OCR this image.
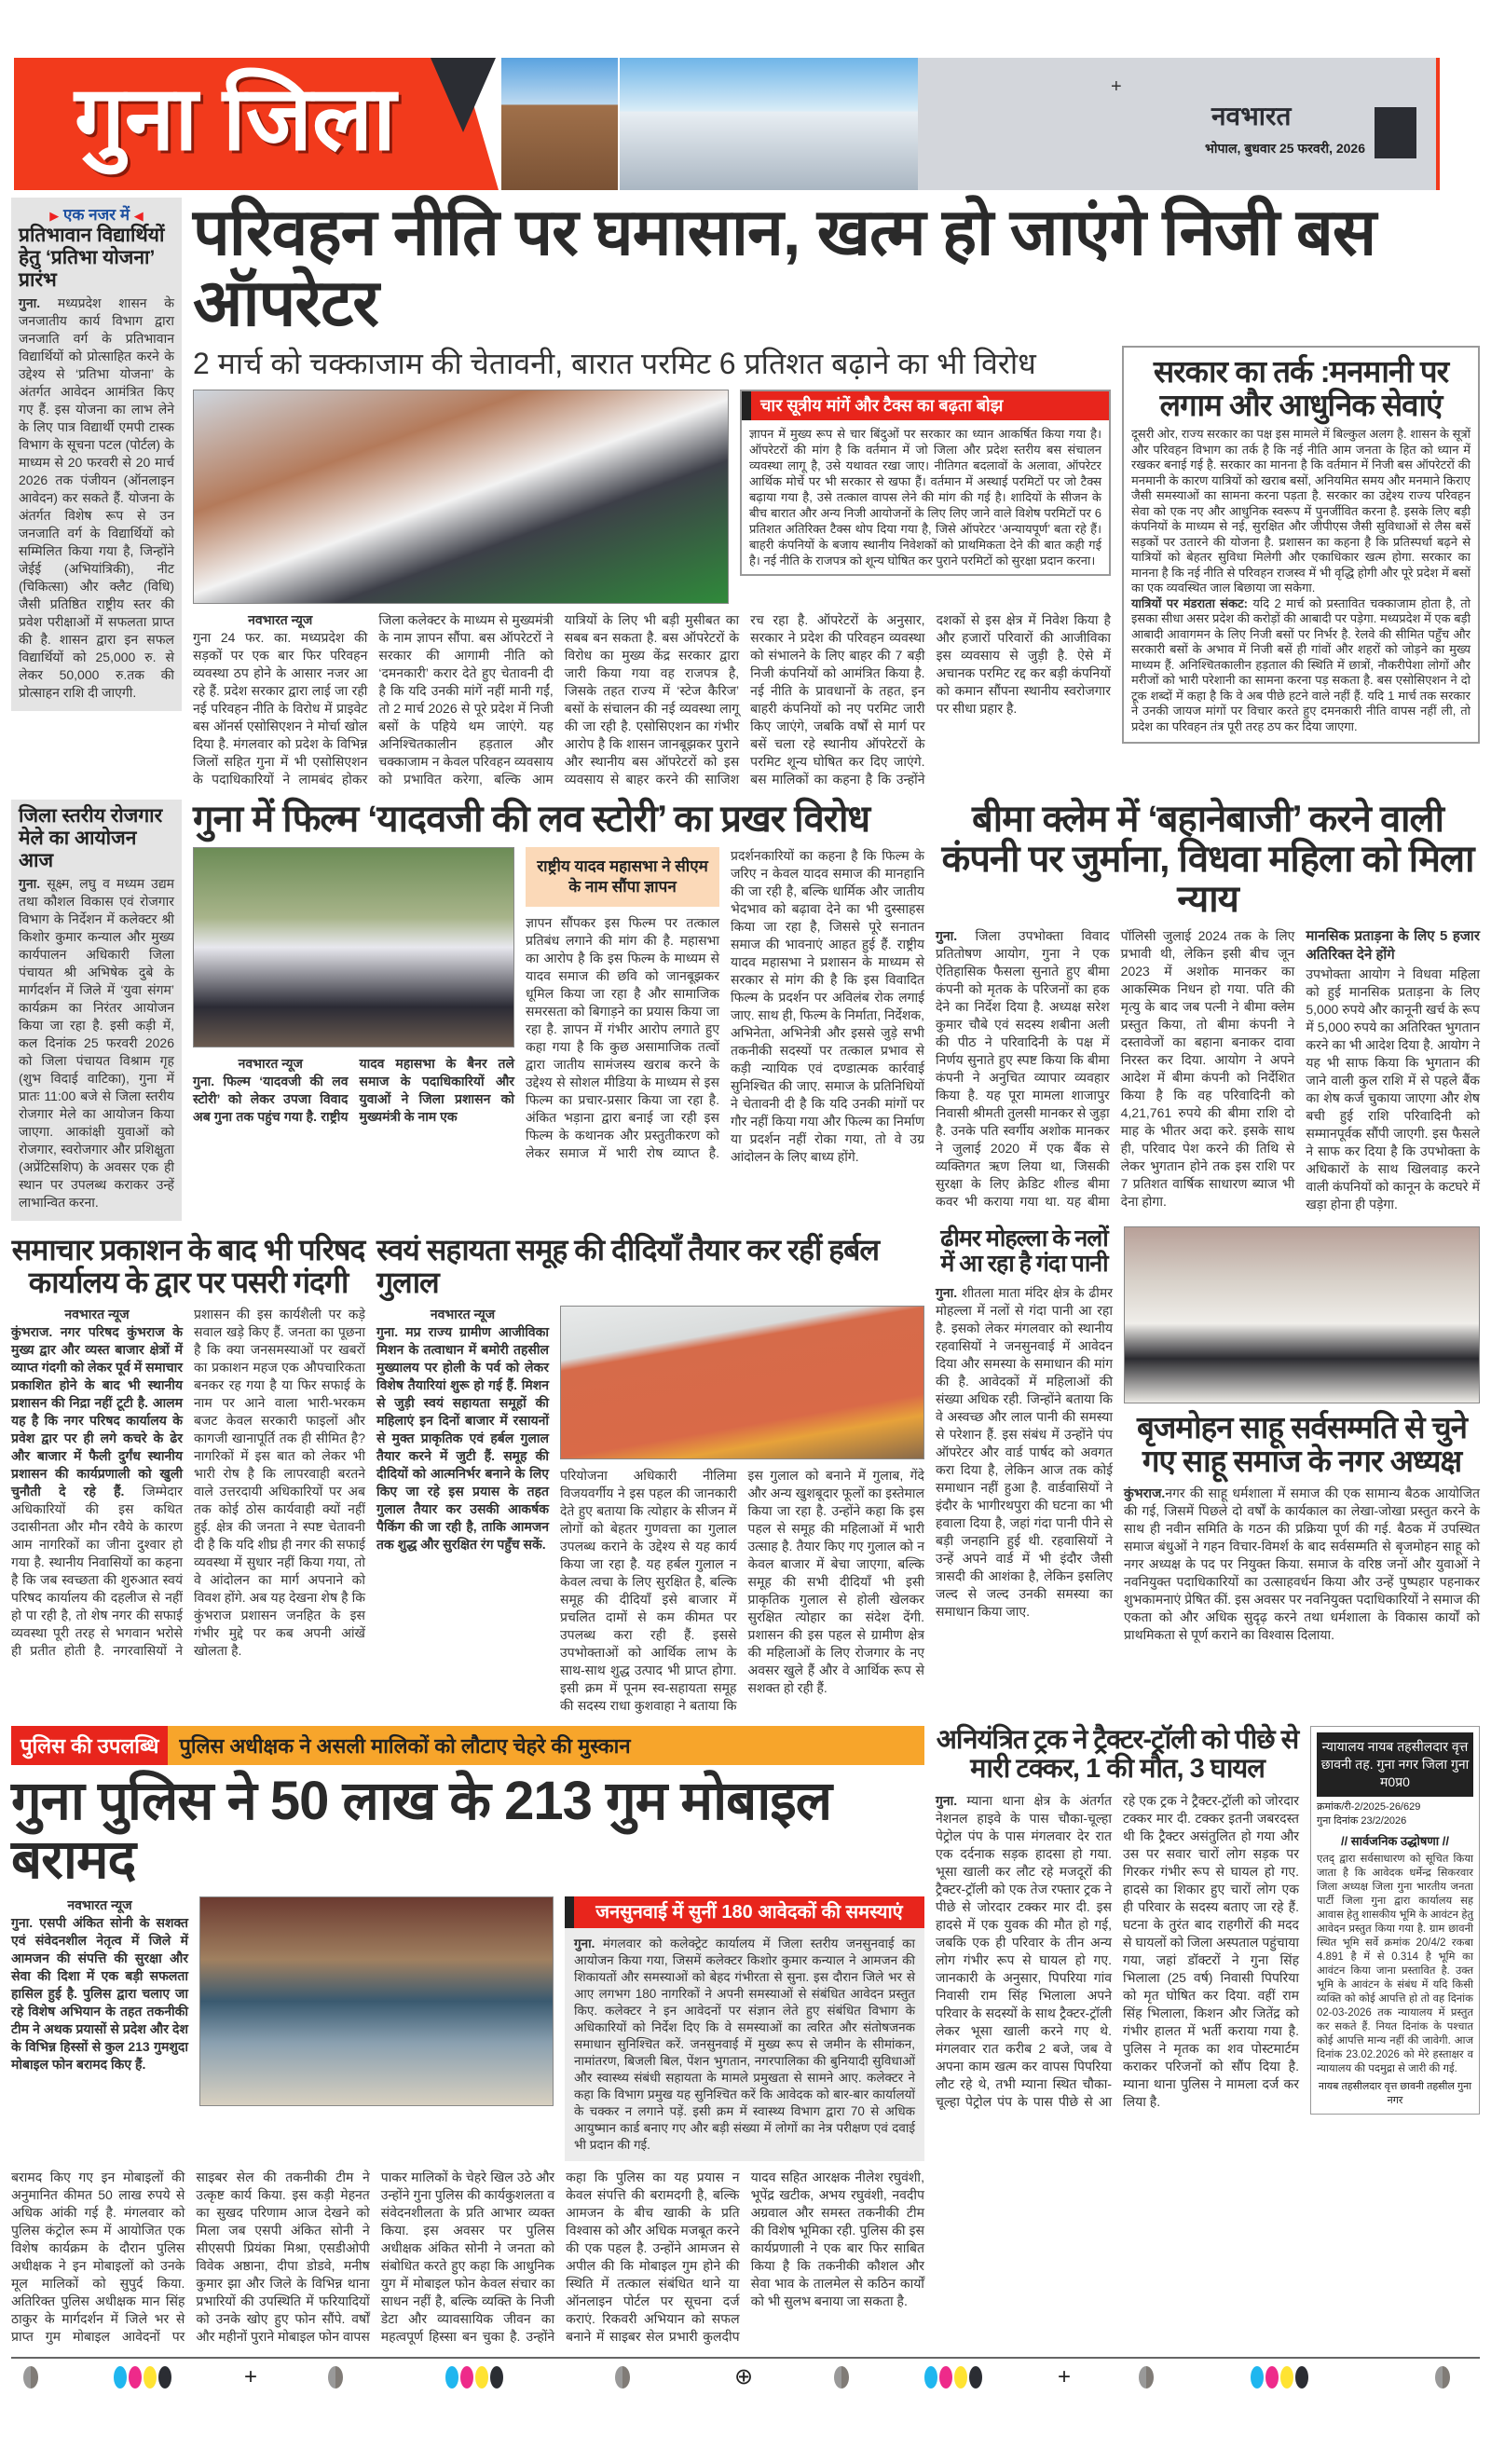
गुना जिला	+
नवभारत
भोपाल, बुधवार 25 फरवरी, 2026
▶ एक नजर में ◀
प्रतिभावान विद्यार्थियों हेतु ‘प्रतिभा योजना’ प्रारंभ
गुना. मध्यप्रदेश शासन के जनजातीय कार्य विभाग द्वारा जनजाति वर्ग के प्रतिभावान विद्यार्थियों को प्रोत्साहित करने के उद्देश्य से ‘प्रतिभा योजना’ के अंतर्गत आवेदन आमंत्रित किए गए हैं. इस योजना का लाभ लेने के लिए पात्र विद्यार्थी एमपी टास्क विभाग के सूचना पटल (पोर्टल) के माध्यम से 20 फरवरी से 20 मार्च 2026 तक पंजीयन (ऑनलाइन आवेदन) कर सकते हैं. योजना के अंतर्गत विशेष रूप से उन जनजाति वर्ग के विद्यार्थियों को सम्मिलित किया गया है, जिन्होंने जेईई (अभियांत्रिकी), नीट (चिकित्सा) और क्लैट (विधि) जैसी प्रतिष्ठित राष्ट्रीय स्तर की प्रवेश परीक्षाओं में सफलता प्राप्त की है. शासन द्वारा इन सफल विद्यार्थियों को 25,000 रु. से लेकर 50,000 रु.तक की प्रोत्साहन राशि दी जाएगी.
परिवहन नीति पर घमासान, खत्म हो जाएंगे निजी बस ऑपरेटर
2 मार्च को चक्काजाम की चेतावनी, बारात परमिट 6 प्रतिशत बढ़ाने का भी विरोध
चार सूत्रीय मांगें और टैक्स का बढ़ता बोझ
ज्ञापन में मुख्य रूप से चार बिंदुओं पर सरकार का ध्यान आकर्षित किया गया है। ऑपरेटरों की मांग है कि वर्तमान में जो जिला और प्रदेश स्तरीय बस संचालन व्यवस्था लागू है, उसे यथावत रखा जाए। नीतिगत बदलावों के अलावा, ऑपरेटर आर्थिक मोर्चे पर भी सरकार से खफा हैं। वर्तमान में अस्थाई परमिटों पर जो टैक्स बढ़ाया गया है, उसे तत्काल वापस लेने की मांग की गई है। शादियों के सीजन के बीच बारात और अन्य निजी आयोजनों के लिए लिए जाने वाले विशेष परमिटों पर 6 प्रतिशत अतिरिक्त टैक्स थोप दिया गया है, जिसे ऑपरेटर ‘अन्यायपूर्ण’ बता रहे हैं। बाहरी कंपनियों के बजाय स्थानीय निवेशकों को प्राथमिकता देने की बात कही गई है। नई नीति के राजपत्र को शून्य घोषित कर पुराने परमिटों को सुरक्षा प्रदान करना।
नवभारत न्यूज
गुना 24 फर. का. मध्यप्रदेश की सड़कों पर एक बार फिर परिवहन व्यवस्था ठप होने के आसार नजर आ रहे हैं. प्रदेश सरकार द्वारा लाई जा रही नई परिवहन नीति के विरोध में प्राइवेट बस ऑनर्स एसोसिएशन ने मोर्चा खोल दिया है. मंगलवार को प्रदेश के विभिन्न जिलों सहित गुना में भी एसोसिएशन के पदाधिकारियों ने लामबंद होकर जिला कलेक्टर के माध्यम से मुख्यमंत्री के नाम ज्ञापन सौंपा. बस ऑपरेटरों ने सरकार की आगामी नीति को ‘दमनकारी’ करार देते हुए चेतावनी दी है कि यदि उनकी मांगें नहीं मानी गईं, तो 2 मार्च 2026 से पूरे प्रदेश में निजी बसों के पहिये थम जाएंगे. यह अनिश्चितकालीन हड़ताल और चक्काजाम न केवल परिवहन व्यवसाय को प्रभावित करेगा, बल्कि आम यात्रियों के लिए भी बड़ी मुसीबत का सबब बन सकता है. बस ऑपरेटरों के विरोध का मुख्य केंद्र सरकार द्वारा जारी किया गया वह राजपत्र है, जिसके तहत राज्य में ‘स्टेज कैरिज’ बसों के संचालन की नई व्यवस्था लागू की जा रही है. एसोसिएशन का गंभीर आरोप है कि शासन जानबूझकर पुराने और स्थानीय बस ऑपरेटरों को इस व्यवसाय से बाहर करने की साजिश रच रहा है. ऑपरेटरों के अनुसार, सरकार ने प्रदेश की परिवहन व्यवस्था को संभालने के लिए बाहर की 7 बड़ी निजी कंपनियों को आमंत्रित किया है. नई नीति के प्रावधानों के तहत, इन बाहरी कंपनियों को नए परमिट जारी किए जाएंगे, जबकि वर्षों से मार्ग पर बसें चला रहे स्थानीय ऑपरेटरों के परमिट शून्य घोषित कर दिए जाएंगे. बस मालिकों का कहना है कि उन्होंने दशकों से इस क्षेत्र में निवेश किया है और हजारों परिवारों की आजीविका इस व्यवसाय से जुड़ी है. ऐसे में अचानक परमिट रद्द कर बड़ी कंपनियों को कमान सौंपना स्थानीय स्वरोजगार पर सीधा प्रहार है.
सरकार का तर्क :मनमानी पर लगाम और आधुनिक सेवाएं
दूसरी ओर, राज्य सरकार का पक्ष इस मामले में बिल्कुल अलग है. शासन के सूत्रों और परिवहन विभाग का तर्क है कि नई नीति आम जनता के हित को ध्यान में रखकर बनाई गई है. सरकार का मानना है कि वर्तमान में निजी बस ऑपरेटरों की मनमानी के कारण यात्रियों को खराब बसों, अनियमित समय और मनमाने किराए जैसी समस्याओं का सामना करना पड़ता है. सरकार का उद्देश्य राज्य परिवहन सेवा को एक नए और आधुनिक स्वरूप में पुनर्जीवित करना है. इसके लिए बड़ी कंपनियों के माध्यम से नई, सुरक्षित और जीपीएस जैसी सुविधाओं से लैस बसें सड़कों पर उतारने की योजना है. प्रशासन का कहना है कि प्रतिस्पर्धा बढ़ने से यात्रियों को बेहतर सुविधा मिलेगी और एकाधिकार खत्म होगा. सरकार का मानना है कि नई नीति से परिवहन राजस्व में भी वृद्धि होगी और पूरे प्रदेश में बसों का एक व्यवस्थित जाल बिछाया जा सकेगा.
यात्रियों पर मंडराता संकट: यदि 2 मार्च को प्रस्तावित चक्काजाम होता है, तो इसका सीधा असर प्रदेश की करोड़ों की आबादी पर पड़ेगा. मध्यप्रदेश में एक बड़ी आबादी आवागमन के लिए निजी बसों पर निर्भर है. रेलवे की सीमित पहुँच और सरकारी बसों के अभाव में निजी बसें ही गांवों और शहरों को जोड़ने का मुख्य माध्यम हैं. अनिश्चितकालीन हड़ताल की स्थिति में छात्रों, नौकरीपेशा लोगों और मरीजों को भारी परेशानी का सामना करना पड़ सकता है. बस एसोसिएशन ने दो टूक शब्दों में कहा है कि वे अब पीछे हटने वाले नहीं हैं. यदि 1 मार्च तक सरकार ने उनकी जायज मांगों पर विचार करते हुए दमनकारी नीति वापस नहीं ली, तो प्रदेश का परिवहन तंत्र पूरी तरह ठप कर दिया जाएगा.
जिला स्तरीय रोजगार मेले का आयोजन आज
गुना. सूक्ष्म, लघु व मध्यम उद्यम तथा कौशल विकास एवं रोजगार विभाग के निर्देशन में कलेक्टर श्री किशोर कुमार कन्याल और मुख्य कार्यपालन अधिकारी जिला पंचायत श्री अभिषेक दुबे के मार्गदर्शन में जिले में ‘युवा संगम’ कार्यक्रम का निरंतर आयोजन किया जा रहा है. इसी कड़ी में, कल दिनांक 25 फरवरी 2026 को जिला पंचायत विश्राम गृह (शुभ विदाई वाटिका), गुना में प्रातः 11:00 बजे से जिला स्तरीय रोजगार मेले का आयोजन किया जाएगा. आकांक्षी युवाओं को रोजगार, स्वरोजगार और प्रशिक्षुता (अप्रेंटिसशिप) के अवसर एक ही स्थान पर उपलब्ध कराकर उन्हें लाभान्वित करना.
गुना में फिल्म ‘यादवजी की लव स्टोरी’ का प्रखर विरोध
नवभारत न्यूज
गुना. फिल्म ‘यादवजी की लव स्टोरी’ को लेकर उपजा विवाद अब गुना तक पहुंच गया है. राष्ट्रीय यादव महासभा के बैनर तले समाज के पदाधिकारियों और युवाओं ने जिला प्रशासन को मुख्यमंत्री के नाम एक
राष्ट्रीय यादव महासभा ने सीएम के नाम सौंपा ज्ञापन
ज्ञापन सौंपकर इस फिल्म पर तत्काल प्रतिबंध लगाने की मांग की है. महासभा का आरोप है कि इस फिल्म के माध्यम से यादव समाज की छवि को जानबूझकर धूमिल किया जा रहा है और सामाजिक समरसता को बिगाड़ने का प्रयास किया जा रहा है. ज्ञापन में गंभीर आरोप लगाते हुए कहा गया है कि कुछ असामाजिक तत्वों द्वारा जातीय सामंजस्य खराब करने के उद्देश्य से सोशल मीडिया के माध्यम से इस फिल्म का प्रचार-प्रसार किया जा रहा है. अंकित भड़ाना द्वारा बनाई जा रही इस फिल्म के कथानक और प्रस्तुतीकरण को लेकर समाज में भारी रोष व्याप्त है. प्रदर्शनकारियों का कहना है कि फिल्म के जरिए न केवल यादव समाज की मानहानि की जा रही है, बल्कि धार्मिक और जातीय भेदभाव को बढ़ावा देने का भी दुस्साहस किया जा रहा है, जिससे पूरे सनातन समाज की भावनाएं आहत हुई हैं. राष्ट्रीय यादव महासभा ने प्रशासन के माध्यम से सरकार से मांग की है कि इस विवादित फिल्म के प्रदर्शन पर अविलंब रोक लगाई जाए. साथ ही, फिल्म के निर्माता, निर्देशक, अभिनेता, अभिनेत्री और इससे जुड़े सभी तकनीकी सदस्यों पर तत्काल प्रभाव से कड़ी न्यायिक एवं दण्डात्मक कार्रवाई सुनिश्चित की जाए. समाज के प्रतिनिधियों ने चेतावनी दी है कि यदि उनकी मांगों पर गौर नहीं किया गया और फिल्म का निर्माण या प्रदर्शन नहीं रोका गया, तो वे उग्र आंदोलन के लिए बाध्य होंगे.
समाचार प्रकाशन के बाद भी परिषद कार्यालय के द्वार पर पसरी गंदगी
नवभारत न्यूज
कुंभराज. नगर परिषद कुंभराज के मुख्य द्वार और व्यस्त बाजार क्षेत्रों में व्याप्त गंदगी को लेकर पूर्व में समाचार प्रकाशित होने के बाद भी स्थानीय प्रशासन की निद्रा नहीं टूटी है. आलम यह है कि नगर परिषद कार्यालय के प्रवेश द्वार पर ही लगे कचरे के ढेर और बाजार में फैली दुर्गंध स्थानीय प्रशासन की कार्यप्रणाली को खुली चुनौती दे रहे हैं. जिम्मेदार अधिकारियों की इस कथित उदासीनता और मौन रवैये के कारण आम नागरिकों का जीना दुश्वार हो गया है. स्थानीय निवासियों का कहना है कि जब स्वच्छता की शुरुआत स्वयं परिषद कार्यालय की दहलीज से नहीं हो पा रही है, तो शेष नगर की सफाई व्यवस्था पूरी तरह से भगवान भरोसे ही प्रतीत होती है. नगरवासियों ने प्रशासन की इस कार्यशैली पर कड़े सवाल खड़े किए हैं. जनता का पूछना है कि क्या जनसमस्याओं पर खबरों का प्रकाशन महज एक औपचारिकता बनकर रह गया है या फिर सफाई के नाम पर आने वाला भारी-भरकम बजट केवल सरकारी फाइलों और कागजी खानापूर्ति तक ही सीमित है? नागरिकों में इस बात को लेकर भी भारी रोष है कि लापरवाही बरतने वाले उत्तरदायी अधिकारियों पर अब तक कोई ठोस कार्यवाही क्यों नहीं हुई. क्षेत्र की जनता ने स्पष्ट चेतावनी दी है कि यदि शीघ्र ही नगर की सफाई व्यवस्था में सुधार नहीं किया गया, तो वे आंदोलन का मार्ग अपनाने को विवश होंगे. अब यह देखना शेष है कि कुंभराज प्रशासन जनहित के इस गंभीर मुद्दे पर कब अपनी आंखें खोलता है.
स्वयं सहायता समूह की दीदियाँ तैयार कर रहीं हर्बल गुलाल
नवभारत न्यूज
गुना. मप्र राज्य ग्रामीण आजीविका मिशन के तत्वाधान में बमोरी तहसील मुख्यालय पर होली के पर्व को लेकर विशेष तैयारियां शुरू हो गई हैं. मिशन से जुड़ी स्वयं सहायता समूहों की महिलाएं इन दिनों बाजार में रसायनों से मुक्त प्राकृतिक एवं हर्बल गुलाल तैयार करने में जुटी हैं. समूह की दीदियों को आत्मनिर्भर बनाने के लिए किए जा रहे इस प्रयास के तहत गुलाल तैयार कर उसकी आकर्षक पैकिंग की जा रही है, ताकि आमजन तक शुद्ध और सुरक्षित रंग पहुँच सकें.
परियोजना अधिकारी नीलिमा विजयवर्गीय ने इस पहल की जानकारी देते हुए बताया कि त्योहार के सीजन में लोगों को बेहतर गुणवत्ता का गुलाल उपलब्ध कराने के उद्देश्य से यह कार्य किया जा रहा है. यह हर्बल गुलाल न केवल त्वचा के लिए सुरक्षित है, बल्कि समूह की दीदियाँ इसे बाजार में प्रचलित दामों से कम कीमत पर उपलब्ध करा रही हैं. इससे उपभोक्ताओं को आर्थिक लाभ के साथ-साथ शुद्ध उत्पाद भी प्राप्त होगा. इसी क्रम में पूनम स्व-सहायता समूह की सदस्य राधा कुशवाहा ने बताया कि इस गुलाल को बनाने में गुलाब, गेंदे और अन्य खुशबूदार फूलों का इस्तेमाल किया जा रहा है. उन्होंने कहा कि इस पहल से समूह की महिलाओं में भारी उत्साह है. तैयार किए गए गुलाल को न केवल बाजार में बेचा जाएगा, बल्कि समूह की सभी दीदियाँ भी इसी प्राकृतिक गुलाल से होली खेलकर सुरक्षित त्योहार का संदेश देंगी. प्रशासन की इस पहल से ग्रामीण क्षेत्र की महिलाओं के लिए रोजगार के नए अवसर खुले हैं और वे आर्थिक रूप से सशक्त हो रही हैं.
बीमा क्लेम में ‘बहानेबाजी’ करने वाली कंपनी पर जुर्माना, विधवा महिला को मिला न्याय
गुना. जिला उपभोक्ता विवाद प्रतितोषण आयोग, गुना ने एक ऐतिहासिक फैसला सुनाते हुए बीमा कंपनी को मृतक के परिजनों का हक देने का निर्देश दिया है. अध्यक्ष सरेश कुमार चौबे एवं सदस्य शबीना अली की पीठ ने परिवादिनी के पक्ष में निर्णय सुनाते हुए स्पष्ट किया कि बीमा कंपनी ने अनुचित व्यापार व्यवहार किया है. यह पूरा मामला शाजापुर निवासी श्रीमती तुलसी मानकर से जुड़ा है. उनके पति स्वर्गीय अशोक मानकर ने जुलाई 2020 में एक बैंक से व्यक्तिगत ऋण लिया था, जिसकी सुरक्षा के लिए क्रेडिट शील्ड बीमा कवर भी कराया गया था. यह बीमा पॉलिसी जुलाई 2024 तक के लिए प्रभावी थी, लेकिन इसी बीच जून 2023 में अशोक मानकर का आकस्मिक निधन हो गया. पति की मृत्यु के बाद जब पत्नी ने बीमा क्लेम प्रस्तुत किया, तो बीमा कंपनी ने दस्तावेजों का बहाना बनाकर दावा निरस्त कर दिया. आयोग ने अपने आदेश में बीमा कंपनी को निर्देशित किया है कि वह परिवादिनी को 4,21,761 रुपये की बीमा राशि दो माह के भीतर अदा करे. इसके साथ ही, परिवाद पेश करने की तिथि से लेकर भुगतान होने तक इस राशि पर 7 प्रतिशत वार्षिक साधारण ब्याज भी देना होगा.
मानसिक प्रताड़ना के लिए 5 हजार अतिरिक्त देने होंगे
उपभोक्ता आयोग ने विधवा महिला को हुई मानसिक प्रताड़ना के लिए 5,000 रुपये और कानूनी खर्च के रूप में 5,000 रुपये का अतिरिक्त भुगतान करने का भी आदेश दिया है. आयोग ने यह भी साफ किया कि भुगतान की जाने वाली कुल राशि में से पहले बैंक का शेष कर्ज चुकाया जाएगा और शेष बची हुई राशि परिवादिनी को सम्मानपूर्वक सौंपी जाएगी. इस फैसले ने साफ कर दिया है कि उपभोक्ता के अधिकारों के साथ खिलवाड़ करने वाली कंपनियों को कानून के कटघरे में खड़ा होना ही पड़ेगा.
ढीमर मोहल्ला के नलों में आ रहा है गंदा पानी
गुना. शीतला माता मंदिर क्षेत्र के ढीमर मोहल्ला में नलों से गंदा पानी आ रहा है. इसको लेकर मंगलवार को स्थानीय रहवासियों ने जनसुनवाई में आवेदन दिया और समस्या के समाधान की मांग की है. आवेदकों में महिलाओं की संख्या अधिक रही. जिन्होंने बताया कि वे अस्वच्छ और लाल पानी की समस्या से परेशान हैं. इस संबंध में उन्होंने पंप ऑपरेटर और वार्ड पार्षद को अवगत करा दिया है, लेकिन आज तक कोई समाधान नहीं हुआ है. वार्डवासियों ने इंदौर के भागीरथपुरा की घटना का भी हवाला दिया है, जहां गंदा पानी पीने से बड़ी जनहानि हुई थी. रहवासियों ने उन्हें अपने वार्ड में भी इंदौर जैसी त्रासदी की आशंका है, लेकिन इसलिए जल्द से जल्द उनकी समस्या का समाधान किया जाए.
बृजमोहन साहू सर्वसम्मति से चुने गए साहू समाज के नगर अध्यक्ष
कुंभराज.नगर की साहू धर्मशाला में समाज की एक सामान्य बैठक आयोजित की गई, जिसमें पिछले दो वर्षों के कार्यकाल का लेखा-जोखा प्रस्तुत करने के साथ ही नवीन समिति के गठन की प्रक्रिया पूर्ण की गई. बैठक में उपस्थित समाज बंधुओं ने गहन विचार-विमर्श के बाद सर्वसम्मति से बृजमोहन साहू को नगर अध्यक्ष के पद पर नियुक्त किया. समाज के वरिष्ठ जनों और युवाओं ने नवनियुक्त पदाधिकारियों का उत्साहवर्धन किया और उन्हें पुष्पहार पहनाकर शुभकामनाएं प्रेषित कीं. इस अवसर पर नवनियुक्त पदाधिकारियों ने समाज की एकता को और अधिक सुदृढ़ करने तथा धर्मशाला के विकास कार्यों को प्राथमिकता से पूर्ण कराने का विश्वास दिलाया.
पुलिस की उपलब्धि	पुलिस अधीक्षक ने असली मालिकों को लौटाए चेहरे की मुस्कान
गुना पुलिस ने 50 लाख के 213 गुम मोबाइल बरामद
नवभारत न्यूज
गुना. एसपी अंकित सोनी के सशक्त एवं संवेदनशील नेतृत्व में जिले में आमजन की संपत्ति की सुरक्षा और सेवा की दिशा में एक बड़ी सफलता हासिल हुई है. पुलिस द्वारा चलाए जा रहे विशेष अभियान के तहत तकनीकी टीम ने अथक प्रयासों से प्रदेश और देश के विभिन्न हिस्सों से कुल 213 गुमशुदा मोबाइल फोन बरामद किए हैं.
जनसुनवाई में सुनीं 180 आवेदकों की समस्याएं
गुना. मंगलवार को कलेक्ट्रेट कार्यालय में जिला स्तरीय जनसुनवाई का आयोजन किया गया, जिसमें कलेक्टर किशोर कुमार कन्याल ने आमजन की शिकायतों और समस्याओं को बेहद गंभीरता से सुना. इस दौरान जिले भर से आए लगभग 180 नागरिकों ने अपनी समस्याओं से संबंधित आवेदन प्रस्तुत किए. कलेक्टर ने इन आवेदनों पर संज्ञान लेते हुए संबंधित विभाग के अधिकारियों को निर्देश दिए कि वे समस्याओं का त्वरित और संतोषजनक समाधान सुनिश्चित करें. जनसुनवाई में मुख्य रूप से जमीन के सीमांकन, नामांतरण, बिजली बिल, पेंशन भुगतान, नगरपालिका की बुनियादी सुविधाओं और स्वास्थ्य संबंधी सहायता के मामले प्रमुखता से सामने आए. कलेक्टर ने कहा कि विभाग प्रमुख यह सुनिश्चित करें कि आवेदक को बार-बार कार्यालयों के चक्कर न लगाने पड़ें. इसी क्रम में स्वास्थ्य विभाग द्वारा 70 से अधिक आयुष्मान कार्ड बनाए गए और बड़ी संख्या में लोगों का नेत्र परीक्षण एवं दवाई भी प्रदान की गई.
बरामद किए गए इन मोबाइलों की अनुमानित कीमत 50 लाख रुपये से अधिक आंकी गई है. मंगलवार को पुलिस कंट्रोल रूम में आयोजित एक विशेष कार्यक्रम के दौरान पुलिस अधीक्षक ने इन मोबाइलों को उनके मूल मालिकों को सुपुर्द किया. अतिरिक्त पुलिस अधीक्षक मान सिंह ठाकुर के मार्गदर्शन में जिले भर से प्राप्त गुम मोबाइल आवेदनों पर साइबर सेल की तकनीकी टीम ने उत्कृष्ट कार्य किया. इस कड़ी मेहनत का सुखद परिणाम आज देखने को मिला जब एसपी अंकित सोनी ने सीएसपी प्रियंका मिश्रा, एसडीओपी विवेक अष्ठाना, दीपा डोडवे, मनीष कुमार झा और जिले के विभिन्न थाना प्रभारियों की उपस्थिति में फरियादियों को उनके खोए हुए फोन सौंपे. वर्षों और महीनों पुराने मोबाइल फोन वापस पाकर मालिकों के चेहरे खिल उठे और उन्होंने गुना पुलिस की कार्यकुशलता व संवेदनशीलता के प्रति आभार व्यक्त किया. इस अवसर पर पुलिस अधीक्षक अंकित सोनी ने जनता को संबोधित करते हुए कहा कि आधुनिक युग में मोबाइल फोन केवल संचार का साधन नहीं है, बल्कि व्यक्ति के निजी डेटा और व्यावसायिक जीवन का महत्वपूर्ण हिस्सा बन चुका है. उन्होंने कहा कि पुलिस का यह प्रयास न केवल संपत्ति की बरामदगी है, बल्कि आमजन के बीच खाकी के प्रति विश्वास को और अधिक मजबूत करने की एक पहल है. उन्होंने आमजन से अपील की कि मोबाइल गुम होने की स्थिति में तत्काल संबंधित थाने या ऑनलाइन पोर्टल पर सूचना दर्ज कराएं. रिकवरी अभियान को सफल बनाने में साइबर सेल प्रभारी कुलदीप यादव सहित आरक्षक नीलेश रघुवंशी, भूपेंद्र खटीक, अभय रघुवंशी, नवदीप अग्रवाल और समस्त तकनीकी टीम की विशेष भूमिका रही. पुलिस की इस कार्यप्रणाली ने एक बार फिर साबित किया है कि तकनीकी कौशल और सेवा भाव के तालमेल से कठिन कार्यों को भी सुलभ बनाया जा सकता है.
अनियंत्रित ट्रक ने ट्रैक्टर-ट्रॉली को पीछे से मारी टक्कर, 1 की मौत, 3 घायल
गुना. म्याना थाना क्षेत्र के अंतर्गत नेशनल हाइवे के पास चौका-चूल्हा पेट्रोल पंप के पास मंगलवार देर रात एक दर्दनाक सड़क हादसा हो गया. भूसा खाली कर लौट रहे मजदूरों की ट्रैक्टर-ट्रॉली को एक तेज रफ्तार ट्रक ने पीछे से जोरदार टक्कर मार दी. इस हादसे में एक युवक की मौत हो गई, जबकि एक ही परिवार के तीन अन्य लोग गंभीर रूप से घायल हो गए. जानकारी के अनुसार, पिपरिया गांव निवासी राम सिंह भिलाला अपने परिवार के सदस्यों के साथ ट्रैक्टर-ट्रॉली लेकर भूसा खाली करने गए थे. मंगलवार रात करीब 2 बजे, जब वे अपना काम खत्म कर वापस पिपरिया लौट रहे थे, तभी म्याना स्थित चौका-चूल्हा पेट्रोल पंप के पास पीछे से आ रहे एक ट्रक ने ट्रैक्टर-ट्रॉली को जोरदार टक्कर मार दी. टक्कर इतनी जबरदस्त थी कि ट्रैक्टर असंतुलित हो गया और उस पर सवार चारों लोग सड़क पर गिरकर गंभीर रूप से घायल हो गए. हादसे का शिकार हुए चारों लोग एक ही परिवार के सदस्य बताए जा रहे हैं. घटना के तुरंत बाद राहगीरों की मदद से घायलों को जिला अस्पताल पहुंचाया गया, जहां डॉक्टरों ने गुना सिंह भिलाला (25 वर्ष) निवासी पिपरिया को मृत घोषित कर दिया. वहीं राम सिंह भिलाला, किशन और जितेंद्र को गंभीर हालत में भर्ती कराया गया है. पुलिस ने मृतक का शव पोस्टमार्टम कराकर परिजनों को सौंप दिया है. म्याना थाना पुलिस ने मामला दर्ज कर लिया है.
न्यायालय नायब तहसीलदार वृत्त छावनी तह. गुना नगर जिला गुना म0प्र0
क्रमांक/री-2/2025-26/629
गुना दिनांक 23/2/2026
// सार्वजनिक उद्धोषणा //
एतद् द्वारा सर्वसाधारण को सूचित किया जाता है कि आवेदक धर्मेन्द्र सिकरवार जिला अध्यक्ष जिला गुना भारतीय जनता पार्टी जिला गुना द्वारा कार्यालय सह आवास हेतु शासकीय भूमि के आवंटन हेतु आवेदन प्रस्तुत किया गया है. ग्राम छावनी स्थित भूमि सर्वे क्रमांक 20/4/2 रकबा 4.891 है में से 0.314 है भूमि का आवंटन किया जाना प्रस्तावित है. उक्त भूमि के आवंटन के संबंध में यदि किसी व्यक्ति को कोई आपत्ति हो तो वह दिनांक 02-03-2026 तक न्यायालय में प्रस्तुत कर सकते हैं. नियत दिनांक के पश्चात कोई आपत्ति मान्य नहीं की जावेगी. आज दिनांक 23.02.2026 को मेरे हस्ताक्षर व न्यायालय की पदमुद्रा से जारी की गई.
नायब तहसीलदार वृत्त छावनी तहसील गुना नगर
+	⊕	+
